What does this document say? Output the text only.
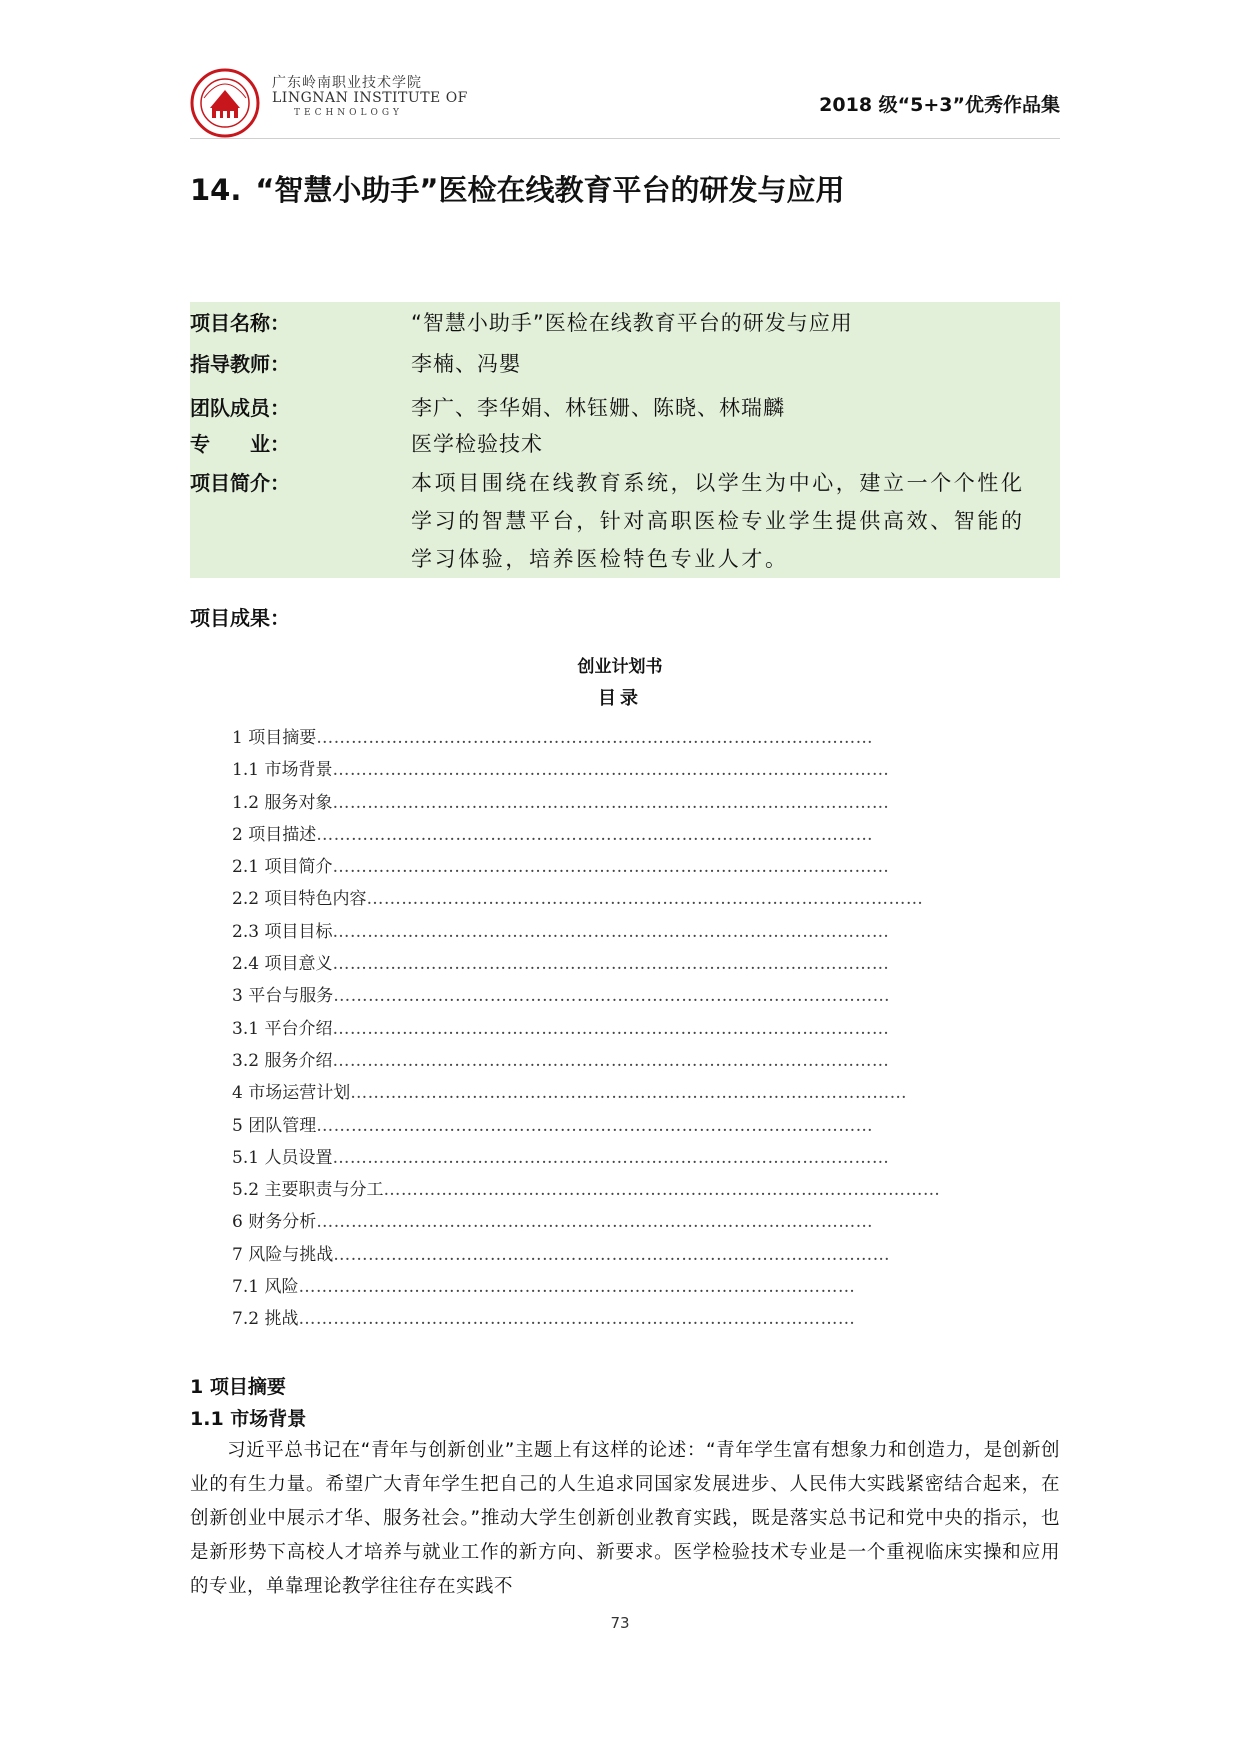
广东岭南职业技术学院
LINGNAN INSTITUTE OF
TECHNOLOGY	2018 级“5+3”优秀作品集
14. “智慧小助手”医检在线教育平台的研发与应用
项目名称：	“智慧小助手”医检在线教育平台的研发与应用
指导教师：	李楠、冯嬰
团队成员：	李广、李华娟、林钰姗、陈晓、林瑞麟
专　　业：	医学检验技术
项目简介：	本项目围绕在线教育系统，以学生为中心，建立一个个性化
学习的智慧平台，针对高职医检专业学生提供高效、智能的
学习体验，培养医检特色专业人才。
项目成果：
创业计划书
目录
1 项目摘要……………………………………………………………………………………
1.1 市场背景……………………………………………………………………………………
1.2 服务对象……………………………………………………………………………………
2 项目描述……………………………………………………………………………………
2.1 项目简介……………………………………………………………………………………
2.2 项目特色内容……………………………………………………………………………………
2.3 项目目标……………………………………………………………………………………
2.4 项目意义……………………………………………………………………………………
3 平台与服务……………………………………………………………………………………
3.1 平台介绍……………………………………………………………………………………
3.2 服务介绍……………………………………………………………………………………
4 市场运营计划……………………………………………………………………………………
5 团队管理……………………………………………………………………………………
5.1 人员设置……………………………………………………………………………………
5.2 主要职责与分工……………………………………………………………………………………
6 财务分析……………………………………………………………………………………
7 风险与挑战……………………………………………………………………………………
7.1 风险……………………………………………………………………………………
7.2 挑战……………………………………………………………………………………
1 项目摘要
1.1 市场背景
习近平总书记在“青年与创新创业”主题上有这样的论述：“青年学生富有想象力和创造力，是创新创业的有生力量。希望广大青年学生把自己的人生追求同国家发展进步、人民伟大实践紧密结合起来，在创新创业中展示才华、服务社会。”推动大学生创新创业教育实践，既是落实总书记和党中央的指示，也是新形势下高校人才培养与就业工作的新方向、新要求。医学检验技术专业是一个重视临床实操和应用的专业，单靠理论教学往往存在实践不
73
